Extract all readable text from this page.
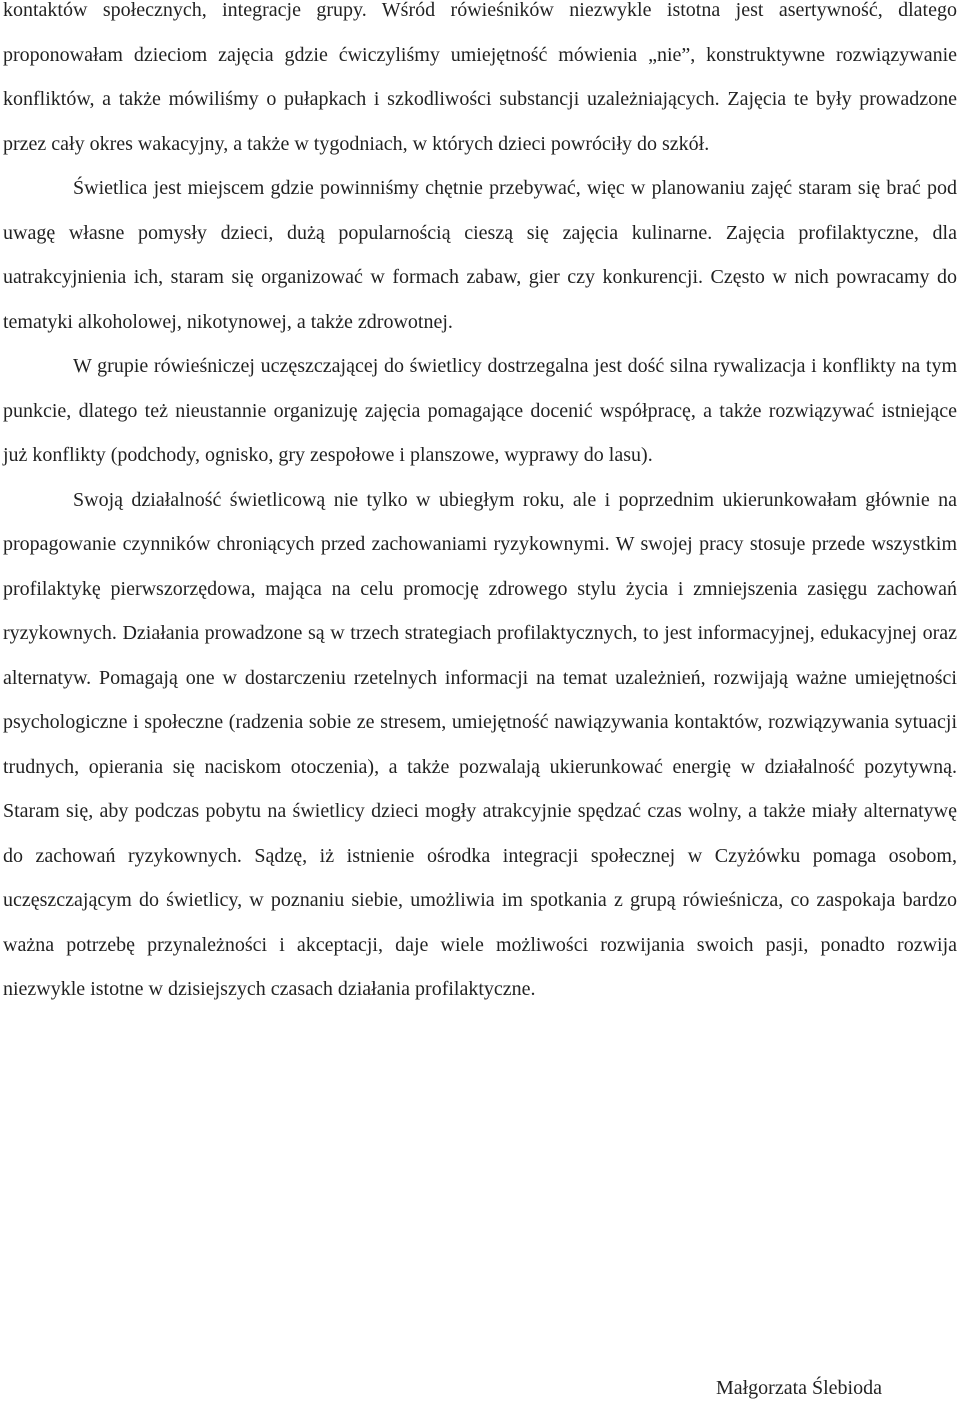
kontaktów społecznych, integracje grupy. Wśród rówieśników niezwykle istotna jest asertywność, dlatego proponowałam dzieciom zajęcia gdzie ćwiczyliśmy umiejętność mówienia „nie”, konstruktywne rozwiązywanie konfliktów, a także mówiliśmy o pułapkach i szkodliwości substancji uzależniających. Zajęcia te były prowadzone przez cały okres wakacyjny, a także w tygodniach, w których dzieci powróciły do szkół.

Świetlica jest miejscem gdzie powinniśmy chętnie przebywać, więc w planowaniu zajęć staram się brać pod uwagę własne pomysły dzieci, dużą popularnością cieszą się zajęcia kulinarne. Zajęcia profilaktyczne, dla uatrakcyjnienia ich, staram się organizować w formach zabaw, gier czy konkurencji. Często w nich powracamy do tematyki alkoholowej, nikotynowej, a także zdrowotnej.

W grupie rówieśniczej uczęszczającej do świetlicy dostrzegalna jest dość silna rywalizacja i konflikty na tym punkcie, dlatego też nieustannie organizuję zajęcia pomagające docenić współpracę, a także rozwiązywać istniejące już konflikty (podchody, ognisko, gry zespołowe i planszowe, wyprawy do lasu).

Swoją działalność świetlicową nie tylko w ubiegłym roku, ale i poprzednim ukierunkowałam głównie na propagowanie czynników chroniących przed zachowaniami ryzykownymi. W swojej pracy stosuje przede wszystkim profilaktykę pierwszorzędowa, mająca na celu promocję zdrowego stylu życia i zmniejszenia zasięgu zachowań ryzykownych. Działania prowadzone są w trzech strategiach profilaktycznych, to jest informacyjnej, edukacyjnej oraz alternatyw. Pomagają one w dostarczeniu rzetelnych informacji na temat uzależnień, rozwijają ważne umiejętności psychologiczne i społeczne (radzenia sobie ze stresem, umiejętność nawiązywania kontaktów, rozwiązywania sytuacji trudnych, opierania się naciskom otoczenia), a także pozwalają ukierunkować energię w działalność pozytywną. Staram się, aby podczas pobytu na świetlicy dzieci mogły atrakcyjnie spędzać czas wolny, a także miały alternatywę do zachowań ryzykownych. Sądzę, iż istnienie ośrodka integracji społecznej w Czyżówku pomaga osobom, uczęszczającym do świetlicy, w poznaniu siebie, umożliwia im spotkania z grupą rówieśnicza, co zaspokaja bardzo ważna potrzebę przynależności i akceptacji, daje wiele możliwości rozwijania swoich pasji, ponadto rozwija niezwykle istotne w dzisiejszych czasach działania profilaktyczne.

Małgorzata Ślebioda
